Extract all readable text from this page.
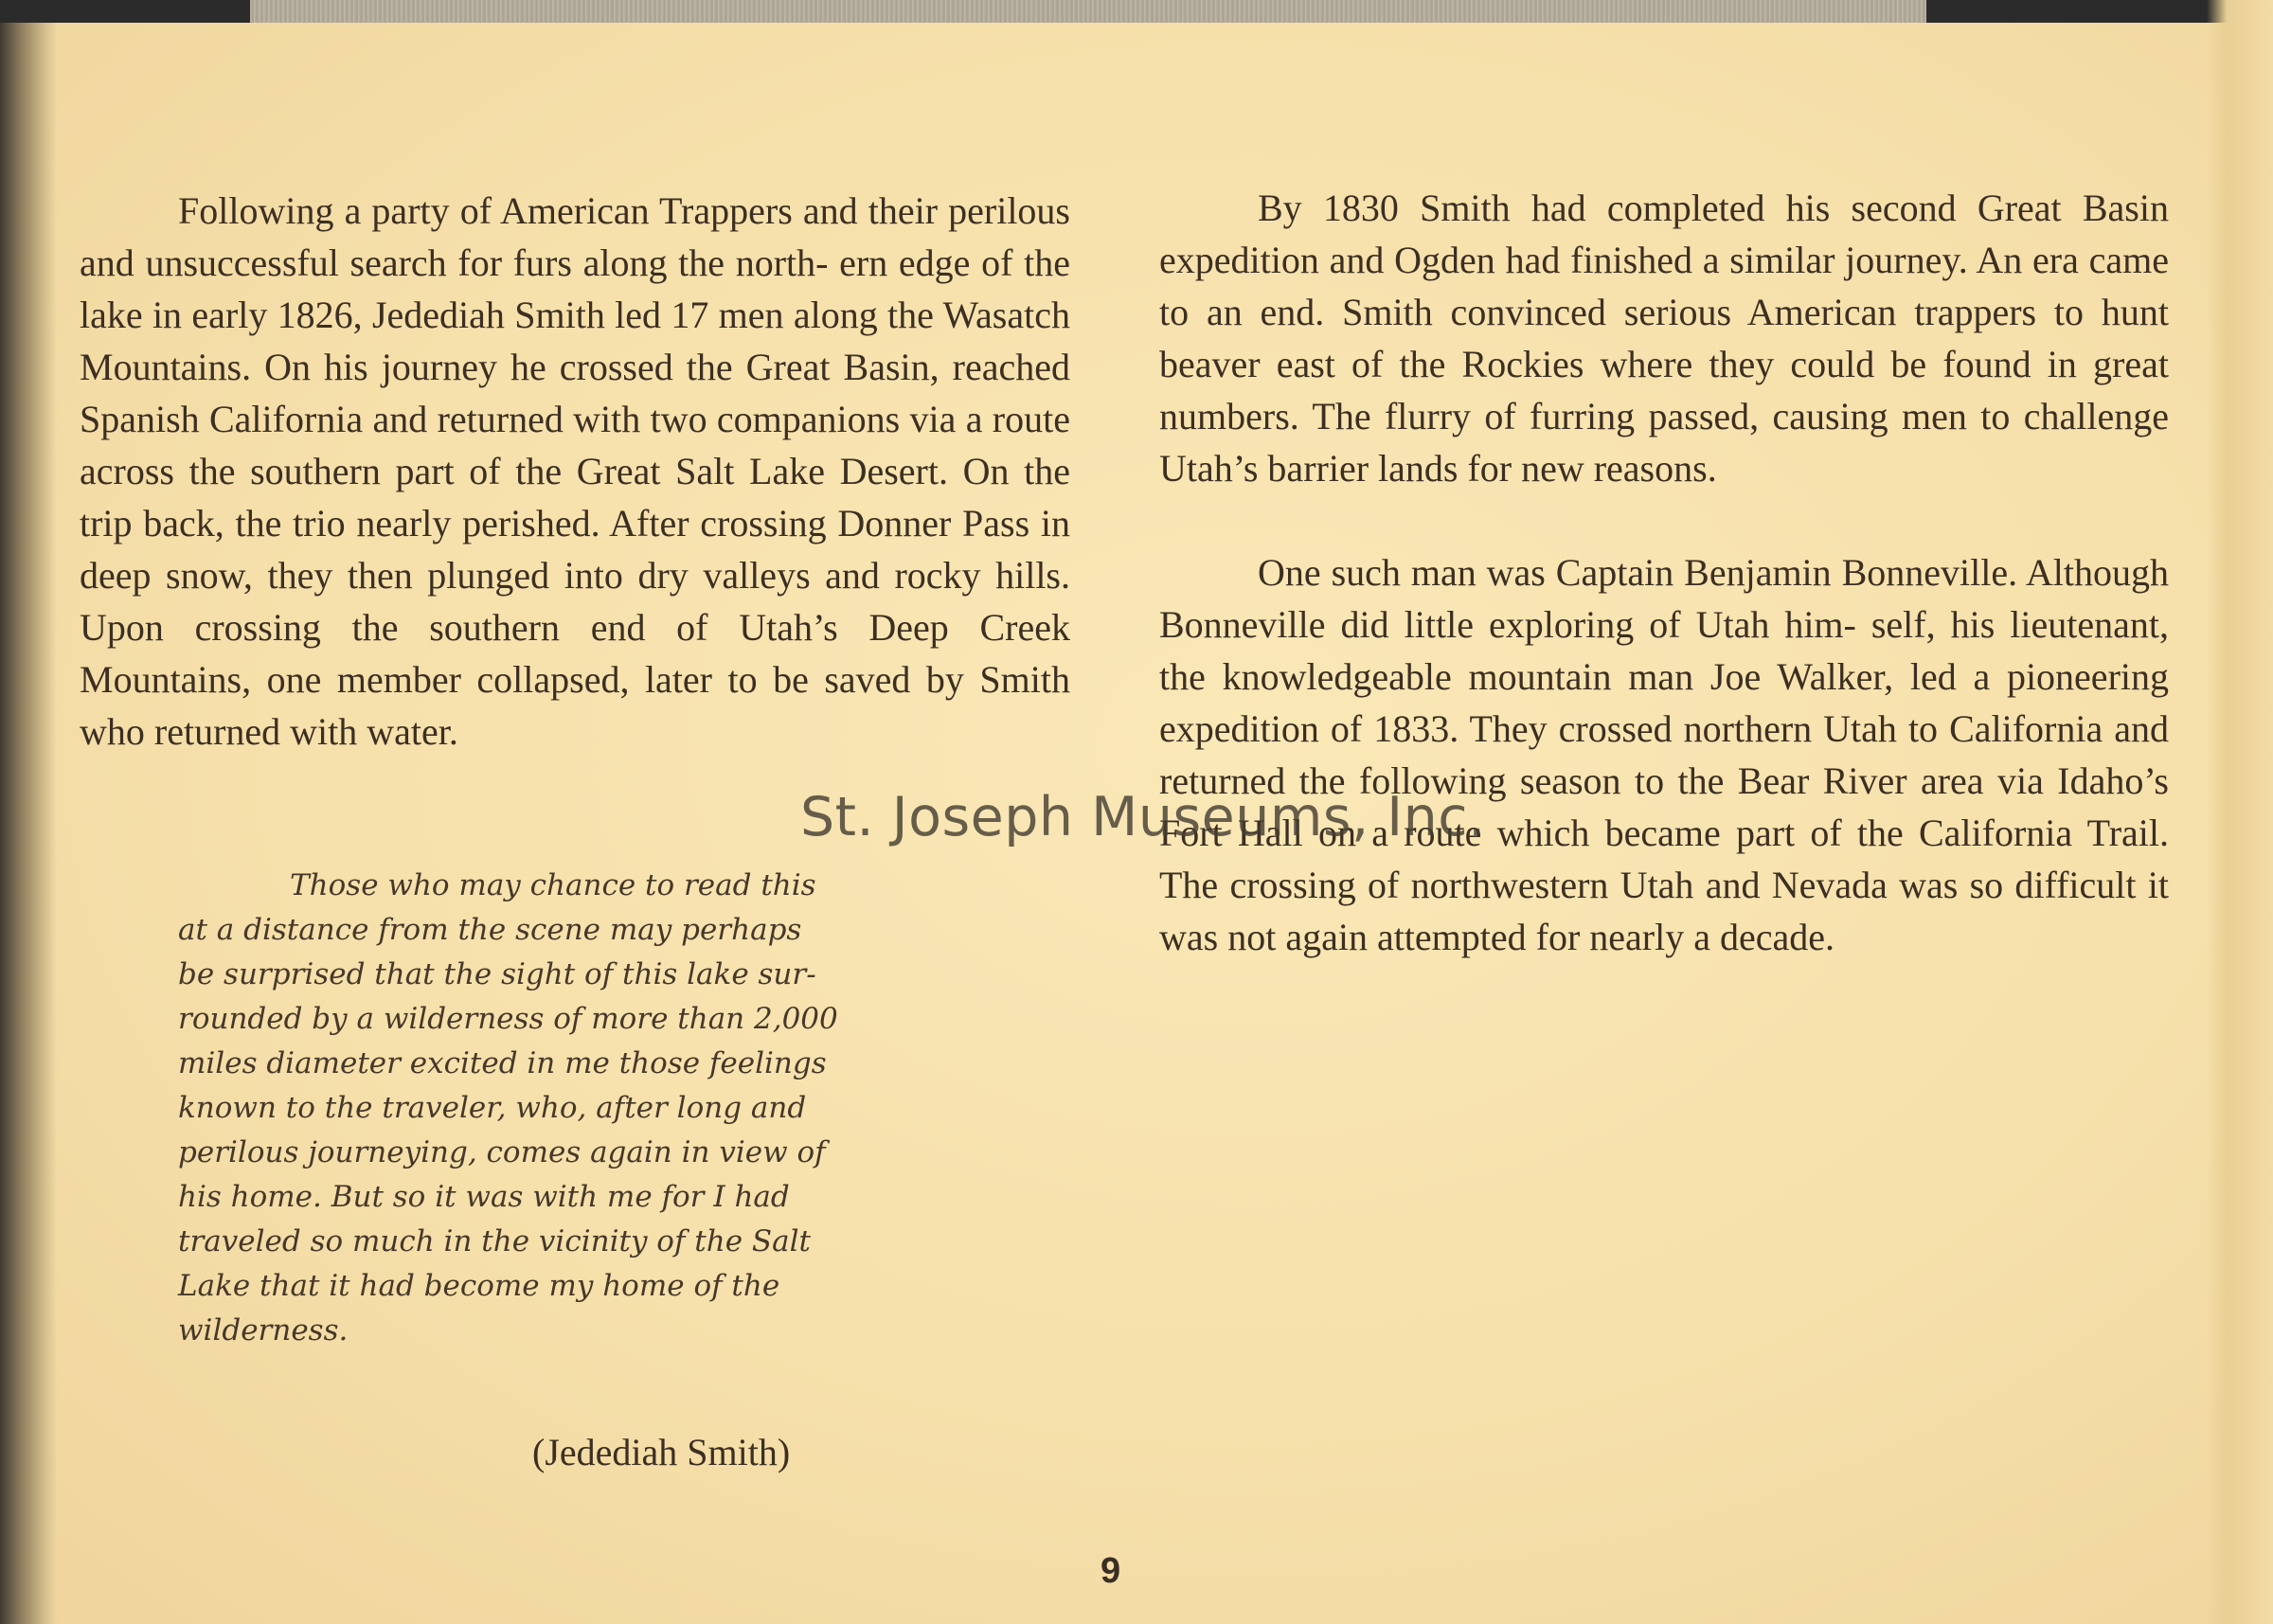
Following a party of American Trappers and their perilous and unsuccessful search for furs along the north- ern edge of the lake in early 1826, Jedediah Smith led 17 men along the Wasatch Mountains. On his journey he crossed the Great Basin, reached Spanish California and returned with two companions via a route across the southern part of the Great Salt Lake Desert. On the trip back, the trio nearly perished. After crossing Donner Pass in deep snow, they then plunged into dry valleys and rocky hills. Upon crossing the southern end of Utah’s Deep Creek Mountains, one member collapsed, later to be saved by Smith who returned with water.

Those who may chance to read this at a distance from the scene may perhaps be surprised that the sight of this lake sur- rounded by a wilderness of more than 2,000 miles diameter excited in me those feelings known to the traveler, who, after long and perilous journeying, comes again in view of his home. But so it was with me for I had traveled so much in the vicinity of the Salt Lake that it had become my home of the wilderness.

(Jedediah Smith)

By 1830 Smith had completed his second Great Basin expedition and Ogden had finished a similar journey. An era came to an end. Smith convinced serious American trappers to hunt beaver east of the Rockies where they could be found in great numbers. The flurry of furring passed, causing men to challenge Utah’s barrier lands for new reasons.

One such man was Captain Benjamin Bonneville. Although Bonneville did little exploring of Utah him- self, his lieutenant, the knowledgeable mountain man Joe Walker, led a pioneering expedition of 1833. They crossed northern Utah to California and returned the following season to the Bear River area via Idaho’s Fort Hall on a route which became part of the California Trail. The crossing of northwestern Utah and Nevada was so difficult it was not again attempted for nearly a decade.

9
St. Joseph Museums, Inc.
